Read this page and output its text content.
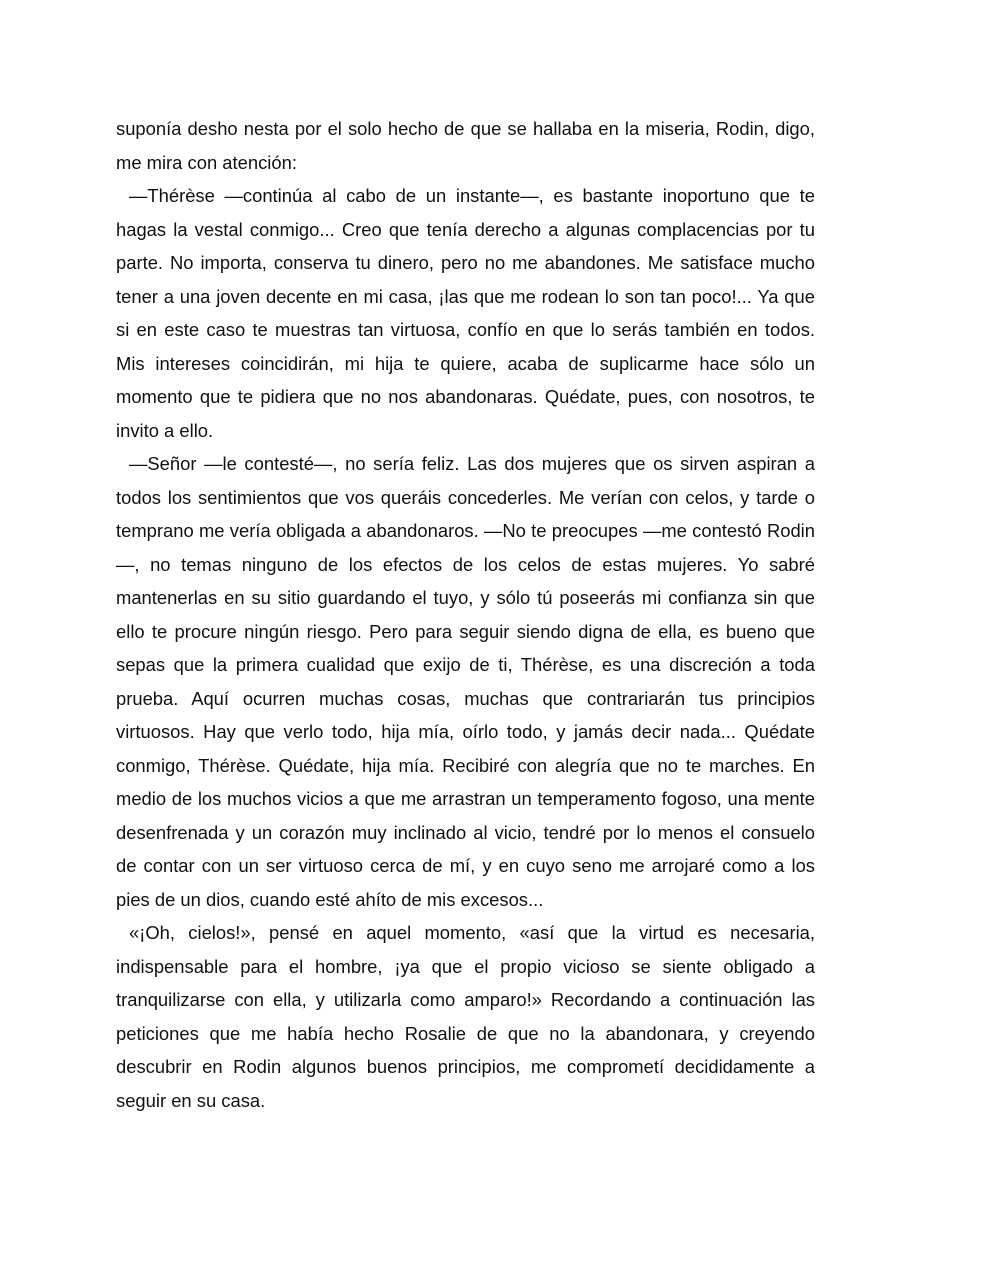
suponía desho nesta por el solo hecho de que se hallaba en la miseria, Rodin, digo, me mira con atención:

—Thérèse —continúa al cabo de un instante—, es bastante inoportuno que te hagas la vestal conmigo... Creo que tenía derecho a algunas complacencias por tu parte. No importa, conserva tu dinero, pero no me abandones. Me satisface mucho tener a una joven decente en mi casa, ¡las que me rodean lo son tan poco!... Ya que si en este caso te muestras tan virtuosa, confío en que lo serás también en todos. Mis intereses coincidirán, mi hija te quiere, acaba de suplicarme hace sólo un momento que te pidiera que no nos abandonaras. Quédate, pues, con nosotros, te invito a ello.

—Señor —le contesté—, no sería feliz. Las dos mujeres que os sirven aspiran a todos los sentimientos que vos queráis concederles. Me verían con celos, y tarde o temprano me vería obligada a abandonaros. —No te preocupes —me contestó Rodin—, no temas ninguno de los efectos de los celos de estas mujeres. Yo sabré mantenerlas en su sitio guardando el tuyo, y sólo tú poseerás mi confianza sin que ello te procure ningún riesgo. Pero para seguir siendo digna de ella, es bueno que sepas que la primera cualidad que exijo de ti, Thérèse, es una discreción a toda prueba. Aquí ocurren muchas cosas, muchas que contrariarán tus principios virtuosos. Hay que verlo todo, hija mía, oírlo todo, y jamás decir nada... Quédate conmigo, Thérèse. Quédate, hija mía. Recibiré con alegría que no te marches. En medio de los muchos vicios a que me arrastran un temperamento fogoso, una mente desenfrenada y un corazón muy inclinado al vicio, tendré por lo menos el consuelo de contar con un ser virtuoso cerca de mí, y en cuyo seno me arrojaré como a los pies de un dios, cuando esté ahíto de mis excesos...

«¡Oh, cielos!», pensé en aquel momento, «así que la virtud es necesaria, indispensable para el hombre, ¡ya que el propio vicioso se siente obligado a tranquilizarse con ella, y utilizarla como amparo!» Recordando a continuación las peticiones que me había hecho Rosalie de que no la abandonara, y creyendo descubrir en Rodin algunos buenos principios, me comprometí decididamente a seguir en su casa.
